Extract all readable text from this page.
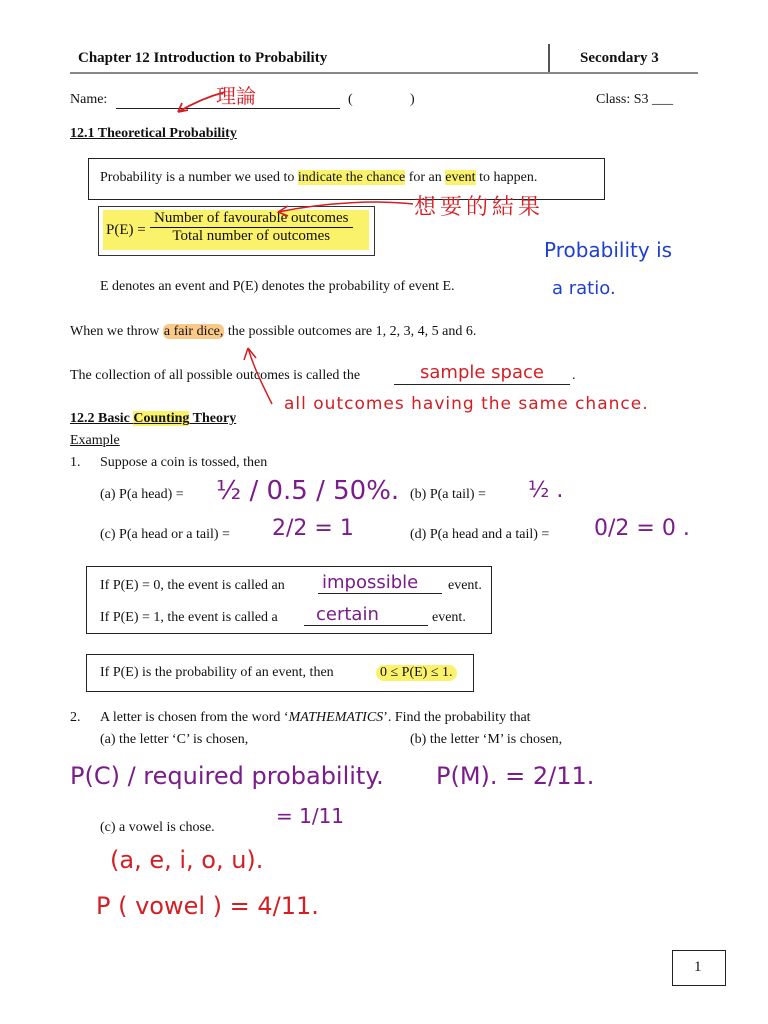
Chapter 12 Introduction to Probability	Secondary 3
Name:	(	)	Class: S3 ___
理論
12.1 Theoretical Probability
Probability is a number we used to indicate the chance for an event to happen.
想要的結果
P(E) =
Number of favourable outcomes
Total number of outcomes
Probability is
a ratio.
E denotes an event and P(E) denotes the probability of event E.
When we throw a fair dice, the possible outcomes are 1, 2, 3, 4, 5 and 6.
The collection of all possible outcomes is called the	sample space .
all outcomes having the same chance.
12.2 Basic Counting Theory
Example
1. Suppose a coin is tossed, then
(a) P(a head) = ½ / 0.5 / 50%. (b) P(a tail) = ½ .
(c) P(a head or a tail) = 2/2 = 1	(d) P(a head and a tail) = 0/2 = 0 .
If P(E) = 0, the event is called an impossible event.
If P(E) = 1, the event is called a certain	event.
If P(E) is the probability of an event, then	0 ≤ P(E) ≤ 1.
2. A letter is chosen from the word ‘MATHEMATICS’. Find the probability that
(a) the letter ‘C’ is chosen,	(b) the letter ‘M’ is chosen,
P(C) / required probability.
= 1/11
P(M). = 2/11.
(c) a vowel is chose.
(a, e, i, o, u).
P ( vowel ) = 4/11.
1
